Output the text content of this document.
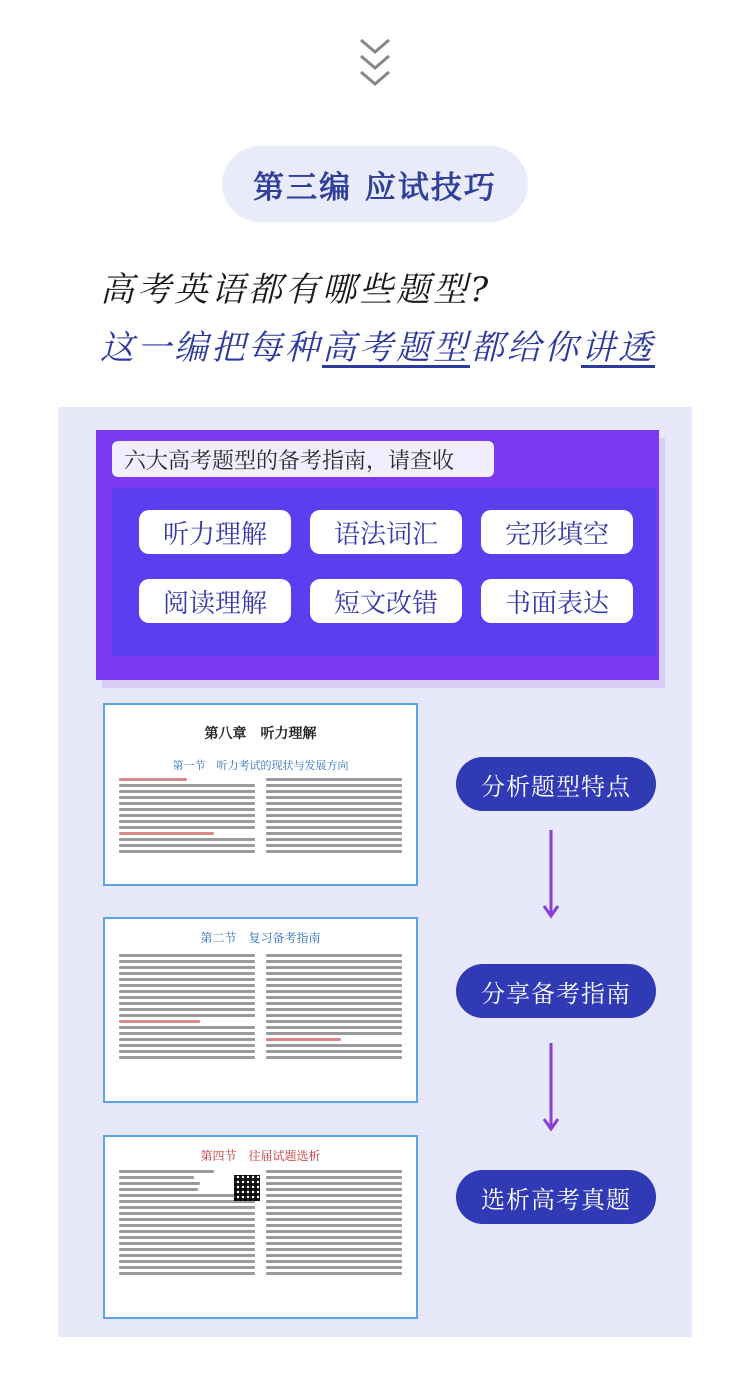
第三编 应试技巧
高考英语都有哪些题型?
这一编把每种高考题型都给你讲透
六大高考题型的备考指南，请查收
听力理解	语法词汇	完形填空
阅读理解	短文改错	书面表达
第八章　听力理解
第一节　听力考试的现状与发展方向
第二节　复习备考指南
第四节　往届试题选析
分析题型特点
分享备考指南
选析高考真题
